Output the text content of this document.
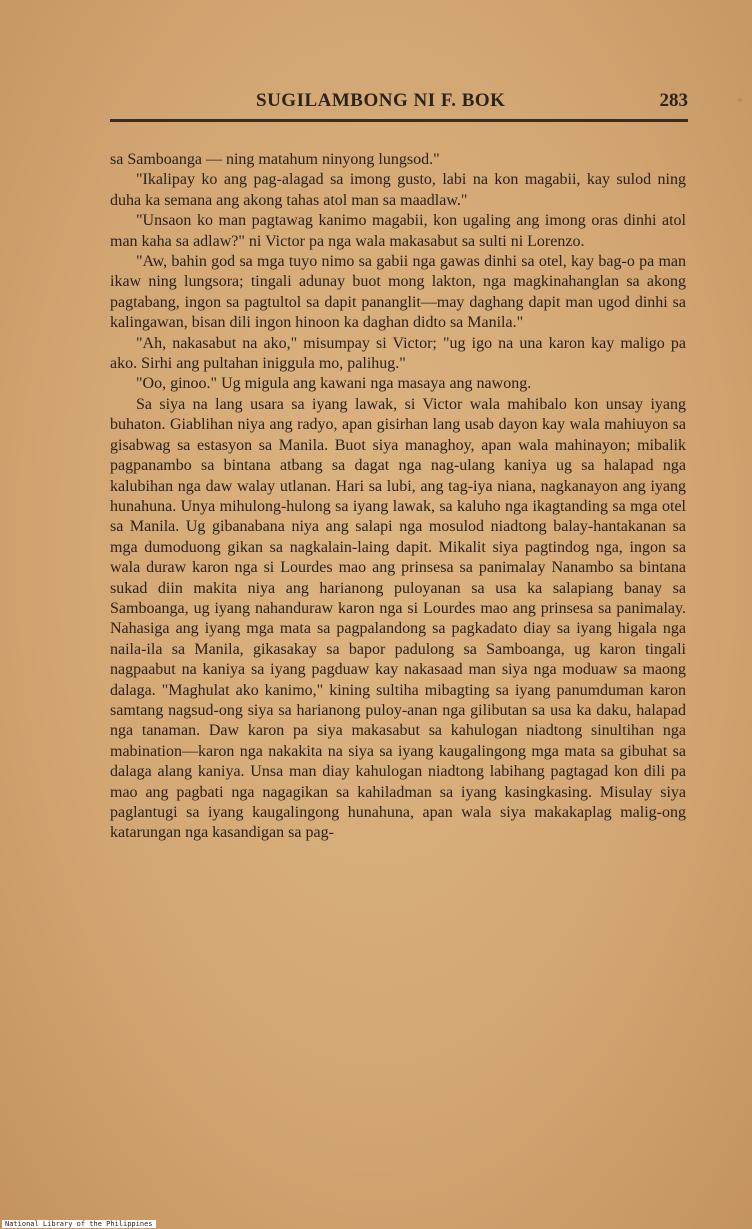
SUGILAMBONG NI F. BOK	283

sa Samboanga — ning matahum ninyong lungsod."

"Ikalipay ko ang pag-alagad sa imong gusto, labi na kon magabii, kay sulod ning duha ka semana ang akong tahas atol man sa maadlaw."

"Unsaon ko man pagtawag kanimo magabii, kon ugaling ang imong oras dinhi atol man kaha sa adlaw?" ni Victor pa nga wala makasabut sa sulti ni Lorenzo.

"Aw, bahin god sa mga tuyo nimo sa gabii nga gawas dinhi sa otel, kay bag-o pa man ikaw ning lungsora; tingali adunay buot mong lakton, nga magkinahanglan sa akong pagtabang, ingon sa pagtultol sa dapit pananglit—may daghang dapit man ugod dinhi sa kalingawan, bisan dili ingon hinoon ka daghan didto sa Manila."

"Ah, nakasabut na ako," misumpay si Victor; "ug igo na una karon kay maligo pa ako. Sirhi ang pultahan iniggula mo, palihug."

"Oo, ginoo." Ug migula ang kawani nga masaya ang nawong.

Sa siya na lang usara sa iyang lawak, si Victor wala mahibalo kon unsay iyang buhaton. Giablihan niya ang radyo, apan gisirhan lang usab dayon kay wala mahiuyon sa gisabwag sa estasyon sa Manila. Buot siya managhoy, apan wala mahinayon; mibalik pagpanambo sa bintana atbang sa dagat nga nag-ulang kaniya ug sa halapad nga kalubihan nga daw walay utlanan. Hari sa lubi, ang tag-iya niana, nagkanayon ang iyang hunahuna. Unya mihulong-hulong sa iyang lawak, sa kaluho nga ikagtanding sa mga otel sa Manila. Ug gibanabana niya ang salapi nga mosulod niadtong balay-hantakanan sa mga dumoduong gikan sa nagkalain-laing dapit. Mikalit siya pagtindog nga, ingon sa wala duraw karon nga si Lourdes mao ang prinsesa sa panimalay Nanambo sa bintana sukad diin makita niya ang harianong puloyanan sa usa ka salapiang banay sa Samboanga, ug iyang nahanduraw karon nga si Lourdes mao ang prinsesa sa panimalay. Nahasiga ang iyang mga mata sa pagpalandong sa pagkadato diay sa iyang higala nga naila-ila sa Manila, gikasakay sa bapor padulong sa Samboanga, ug karon tingali nagpaabut na kaniya sa iyang pagduaw kay nakasaad man siya nga moduaw sa maong dalaga. "Maghulat ako kanimo," kining sultiha mibagting sa iyang panumduman karon samtang nagsud-ong siya sa harianong puloy-anan nga gilibutan sa usa ka daku, halapad nga tanaman. Daw karon pa siya makasabut sa kahulogan niadtong sinultihan nga mabination—karon nga nakakita na siya sa iyang kaugalingong mga mata sa gibuhat sa dalaga alang kaniya. Unsa man diay kahulogan niadtong labihang pagtagad kon dili pa mao ang pagbati nga nagagikan sa kahiladman sa iyang kasingkasing. Misulay siya paglantugi sa iyang kaugalingong hunahuna, apan wala siya makakaplag malig-ong katarungan nga kasandigan sa pag-

National Library of the Philippines
